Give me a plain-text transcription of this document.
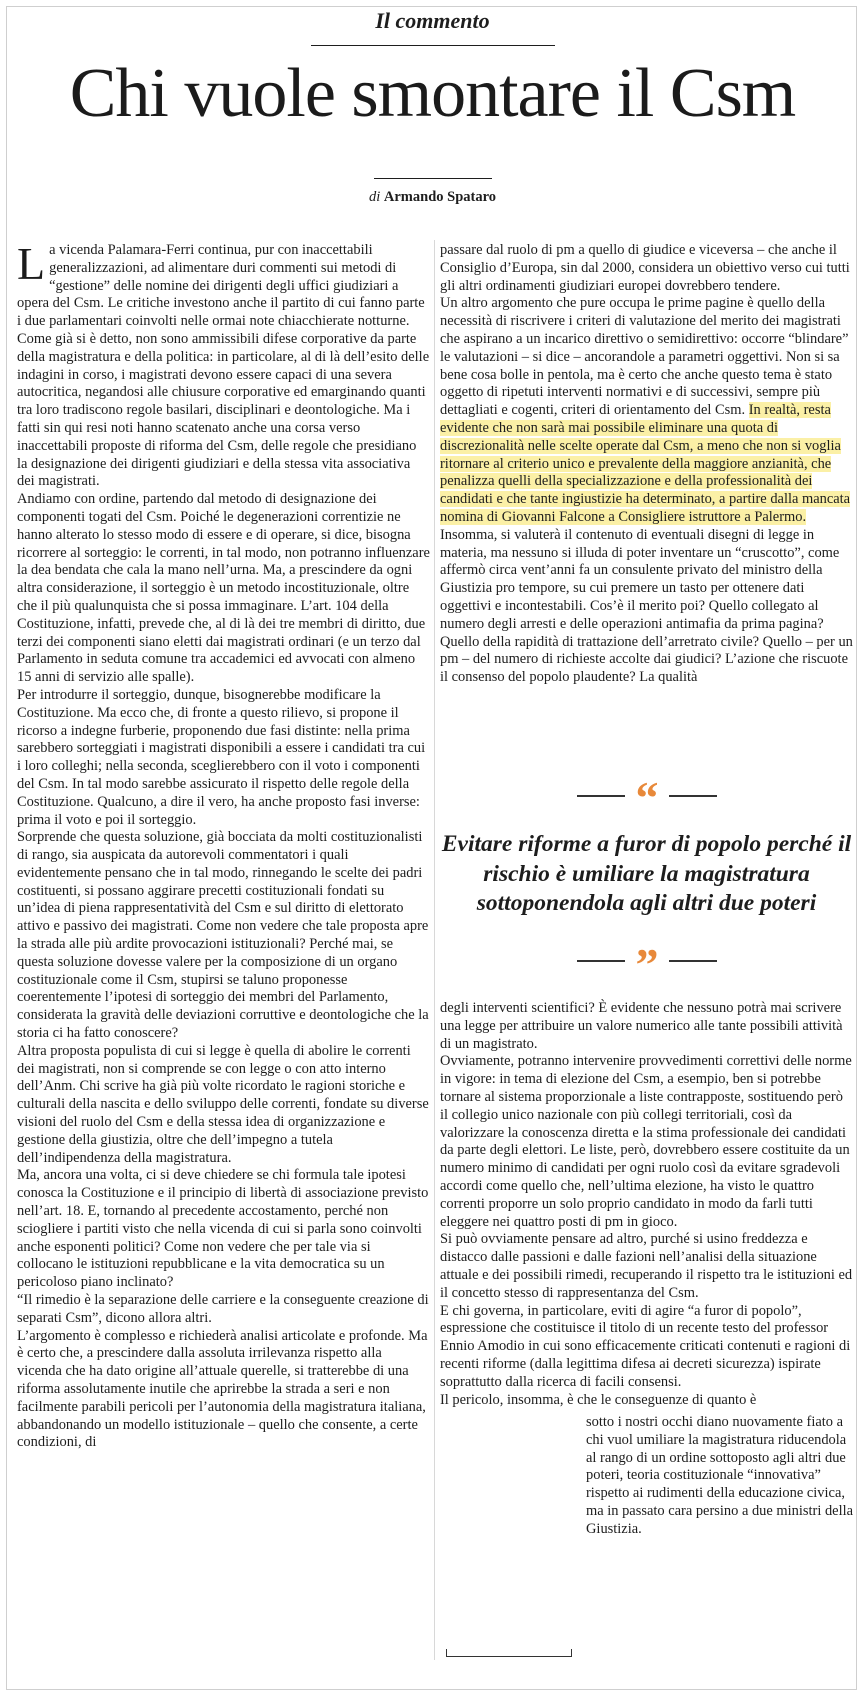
Il commento
Chi vuole smontare il Csm
di Armando Spataro

La vicenda Palamara-Ferri continua, pur con inaccettabili generalizzazioni, ad alimentare duri commenti sui metodi di “gestione” delle nomine dei dirigenti degli uffici giudiziari a opera del Csm. Le critiche investono anche il partito di cui fanno parte i due parlamentari coinvolti nelle ormai note chiacchierate notturne. Come già si è detto, non sono ammissibili difese corporative da parte della magistratura e della politica: in particolare, al di là dell’esito delle indagini in corso, i magistrati devono essere capaci di una severa autocritica, negandosi alle chiusure corporative ed emarginando quanti tra loro tradiscono regole basilari, disciplinari e deontologiche. Ma i fatti sin qui resi noti hanno scatenato anche una corsa verso inaccettabili proposte di riforma del Csm, delle regole che presidiano la designazione dei dirigenti giudiziari e della stessa vita associativa dei magistrati.

Andiamo con ordine, partendo dal metodo di designazione dei componenti togati del Csm. Poiché le degenerazioni correntizie ne hanno alterato lo stesso modo di essere e di operare, si dice, bisogna ricorrere al sorteggio: le correnti, in tal modo, non potranno influenzare la dea bendata che cala la mano nell’urna. Ma, a prescindere da ogni altra considerazione, il sorteggio è un metodo incostituzionale, oltre che il più qualunquista che si possa immaginare. L’art. 104 della Costituzione, infatti, prevede che, al di là dei tre membri di diritto, due terzi dei componenti siano eletti dai magistrati ordinari (e un terzo dal Parlamento in seduta comune tra accademici ed avvocati con almeno 15 anni di servizio alle spalle).

Per introdurre il sorteggio, dunque, bisognerebbe modificare la Costituzione. Ma ecco che, di fronte a questo rilievo, si propone il ricorso a indegne furberie, proponendo due fasi distinte: nella prima sarebbero sorteggiati i magistrati disponibili a essere i candidati tra cui i loro colleghi; nella seconda, sceglierebbero con il voto i componenti del Csm. In tal modo sarebbe assicurato il rispetto delle regole della Costituzione. Qualcuno, a dire il vero, ha anche proposto fasi inverse: prima il voto e poi il sorteggio.

Sorprende che questa soluzione, già bocciata da molti costituzionalisti di rango, sia auspicata da autorevoli commentatori i quali evidentemente pensano che in tal modo, rinnegando le scelte dei padri costituenti, si possano aggirare precetti costituzionali fondati su un’idea di piena rappresentatività del Csm e sul diritto di elettorato attivo e passivo dei magistrati. Come non vedere che tale proposta apre la strada alle più ardite provocazioni istituzionali? Perché mai, se questa soluzione dovesse valere per la composizione di un organo costituzionale come il Csm, stupirsi se taluno proponesse coerentemente l’ipotesi di sorteggio dei membri del Parlamento, considerata la gravità delle deviazioni corruttive e deontologiche che la storia ci ha fatto conoscere?

Altra proposta populista di cui si legge è quella di abolire le correnti dei magistrati, non si comprende se con legge o con atto interno dell’Anm. Chi scrive ha già più volte ricordato le ragioni storiche e culturali della nascita e dello sviluppo delle correnti, fondate su diverse visioni del ruolo del Csm e della stessa idea di organizzazione e gestione della giustizia, oltre che dell’impegno a tutela dell’indipendenza della magistratura.

Ma, ancora una volta, ci si deve chiedere se chi formula tale ipotesi conosca la Costituzione e il principio di libertà di associazione previsto nell’art. 18. E, tornando al precedente accostamento, perché non sciogliere i partiti visto che nella vicenda di cui si parla sono coinvolti anche esponenti politici? Come non vedere che per tale via si collocano le istituzioni repubblicane e la vita democratica su un pericoloso piano inclinato?

“Il rimedio è la separazione delle carriere e la conseguente creazione di separati Csm”, dicono allora altri.

L’argomento è complesso e richiederà analisi articolate e profonde. Ma è certo che, a prescindere dalla assoluta irrilevanza rispetto alla vicenda che ha dato origine all’attuale querelle, si tratterebbe di una riforma assolutamente inutile che aprirebbe la strada a seri e non facilmente parabili pericoli per l’autonomia della magistratura italiana, abbandonando un modello istituzionale – quello che consente, a certe condizioni, di

passare dal ruolo di pm a quello di giudice e viceversa – che anche il Consiglio d’Europa, sin dal 2000, considera un obiettivo verso cui tutti gli altri ordinamenti giudiziari europei dovrebbero tendere.

Un altro argomento che pure occupa le prime pagine è quello della necessità di riscrivere i criteri di valutazione del merito dei magistrati che aspirano a un incarico direttivo o semidirettivo: occorre “blindare” le valutazioni – si dice – ancorandole a parametri oggettivi. Non si sa bene cosa bolle in pentola, ma è certo che anche questo tema è stato oggetto di ripetuti interventi normativi e di successivi, sempre più dettagliati e cogenti, criteri di orientamento del Csm. In realtà, resta evidente che non sarà mai possibile eliminare una quota di discrezionalità nelle scelte operate dal Csm, a meno che non si voglia ritornare al criterio unico e prevalente della maggiore anzianità, che penalizza quelli della specializzazione e della professionalità dei candidati e che tante ingiustizie ha determinato, a partire dalla mancata nomina di Giovanni Falcone a Consigliere istruttore a Palermo.

Insomma, si valuterà il contenuto di eventuali disegni di legge in materia, ma nessuno si illuda di poter inventare un “cruscotto”, come affermò circa vent’anni fa un consulente privato del ministro della Giustizia pro tempore, su cui premere un tasto per ottenere dati oggettivi e incontestabili. Cos’è il merito poi? Quello collegato al numero degli arresti e delle operazioni antimafia da prima pagina? Quello della rapidità di trattazione dell’arretrato civile? Quello – per un pm – del numero di richieste accolte dai giudici? L’azione che riscuote il consenso del popolo plaudente? La qualità

“
Evitare riforme a furor di popolo perché il rischio è umiliare la magistratura sottoponendola agli altri due poteri
”

degli interventi scientifici? È evidente che nessuno potrà mai scrivere una legge per attribuire un valore numerico alle tante possibili attività di un magistrato.

Ovviamente, potranno intervenire provvedimenti correttivi delle norme in vigore: in tema di elezione del Csm, a esempio, ben si potrebbe tornare al sistema proporzionale a liste contrapposte, sostituendo però il collegio unico nazionale con più collegi territoriali, così da valorizzare la conoscenza diretta e la stima professionale dei candidati da parte degli elettori. Le liste, però, dovrebbero essere costituite da un numero minimo di candidati per ogni ruolo così da evitare sgradevoli accordi come quello che, nell’ultima elezione, ha visto le quattro correnti proporre un solo proprio candidato in modo da farli tutti eleggere nei quattro posti di pm in gioco.

Si può ovviamente pensare ad altro, purché si usino freddezza e distacco dalle passioni e dalle fazioni nell’analisi della situazione attuale e dei possibili rimedi, recuperando il rispetto tra le istituzioni ed il concetto stesso di rappresentanza del Csm.

E chi governa, in particolare, eviti di agire “a furor di popolo”, espressione che costituisce il titolo di un recente testo del professor Ennio Amodio in cui sono efficacemente criticati contenuti e ragioni di recenti riforme (dalla legittima difesa ai decreti sicurezza) ispirate soprattutto dalla ricerca di facili consensi.

Il pericolo, insomma, è che le conseguenze di quanto è

sotto i nostri occhi diano nuovamente fiato a chi vuol umiliare la magistratura riducendola al rango di un ordine sottoposto agli altri due poteri, teoria costituzionale “innovativa” rispetto ai rudimenti della educazione civica, ma in passato cara persino a due ministri della Giustizia.
